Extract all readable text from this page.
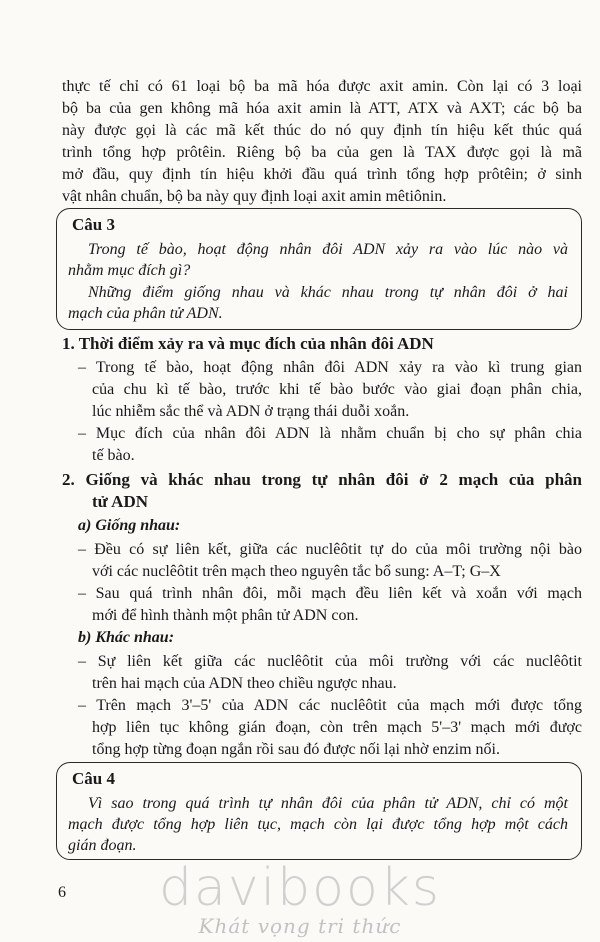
thực tế chỉ có 61 loại bộ ba mã hóa được axit amin. Còn lại có 3 loại
bộ ba của gen không mã hóa axit amin là ATT, ATX và AXT; các bộ ba
này được gọi là các mã kết thúc do nó quy định tín hiệu kết thúc quá
trình tổng hợp prôtêin. Riêng bộ ba của gen là TAX được gọi là mã
mở đầu, quy định tín hiệu khởi đầu quá trình tổng hợp prôtêin; ở sinh
vật nhân chuẩn, bộ ba này quy định loại axit amin mêtiônin.
Câu 3
Trong tế bào, hoạt động nhân đôi ADN xảy ra vào lúc nào và
nhằm mục đích gì?
Những điểm giống nhau và khác nhau trong tự nhân đôi ở hai
mạch của phân tử ADN.
1. Thời điểm xảy ra và mục đích của nhân đôi ADN
– Trong tế bào, hoạt động nhân đôi ADN xảy ra vào kì trung gian
của chu kì tế bào, trước khi tế bào bước vào giai đoạn phân chia,
lúc nhiễm sắc thể và ADN ở trạng thái duỗi xoắn.
– Mục đích của nhân đôi ADN là nhằm chuẩn bị cho sự phân chia
tế bào.
2. Giống và khác nhau trong tự nhân đôi ở 2 mạch của phân
tử ADN
a) Giống nhau:
– Đều có sự liên kết, giữa các nuclêôtit tự do của môi trường nội bào
với các nuclêôtit trên mạch theo nguyên tắc bổ sung: A–T; G–X
– Sau quá trình nhân đôi, mỗi mạch đều liên kết và xoắn với mạch
mới để hình thành một phân tử ADN con.
b) Khác nhau:
– Sự liên kết giữa các nuclêôtit của môi trường với các nuclêôtit
trên hai mạch của ADN theo chiều ngược nhau.
– Trên mạch 3'–5' của ADN các nuclêôtit của mạch mới được tổng
hợp liên tục không gián đoạn, còn trên mạch 5'–3' mạch mới được
tổng hợp từng đoạn ngắn rồi sau đó được nối lại nhờ enzim nối.
Câu 4
Vì sao trong quá trình tự nhân đôi của phân tử ADN, chỉ có một
mạch được tổng hợp liên tục, mạch còn lại được tổng hợp một cách
gián đoạn.
6	davibooks
Khát vọng tri thức
